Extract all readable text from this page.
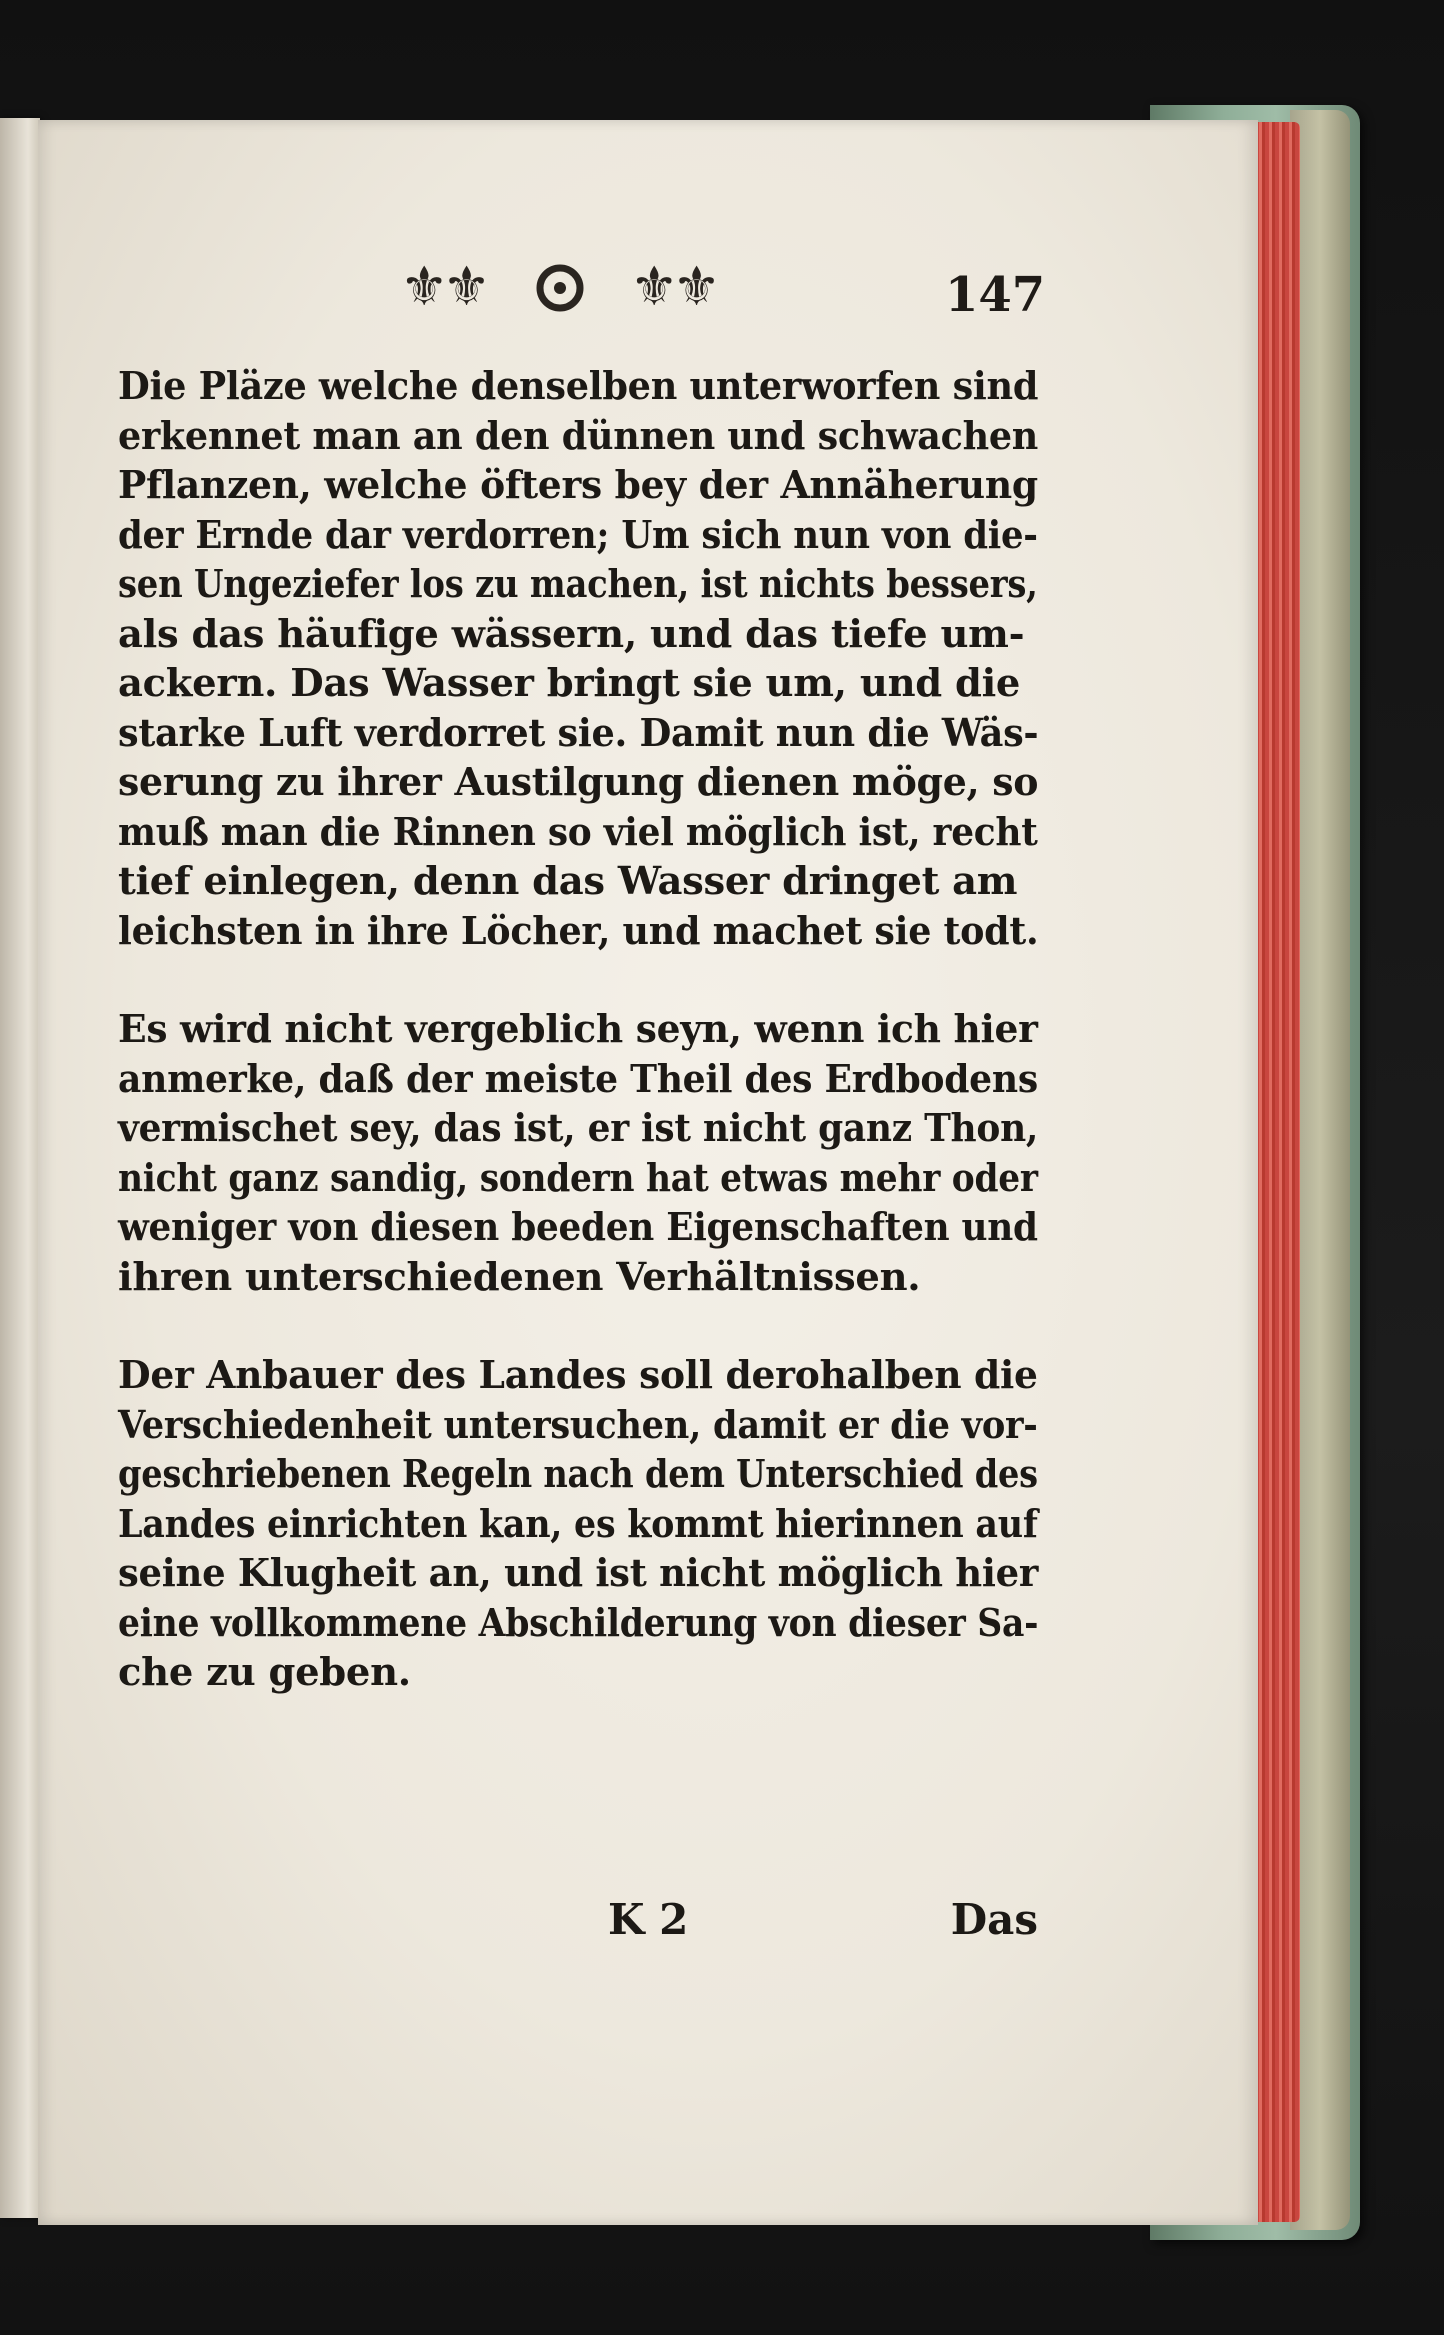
⚜⚜	⚜⚜	147

Die Pläze welche denselben unterworfen sind
erkennet man an den dünnen und schwachen
Pflanzen, welche öfters bey der Annäherung
der Ernde dar verdorren; Um sich nun von die-
sen Ungeziefer los zu machen, ist nichts bessers,
als das häufige wässern, und das tiefe um-
ackern. Das Wasser bringt sie um, und die
starke Luft verdorret sie. Damit nun die Wäs-
serung zu ihrer Austilgung dienen möge, so
muß man die Rinnen so viel möglich ist, recht
tief einlegen, denn das Wasser dringet am
leichsten in ihre Löcher, und machet sie todt.

Es wird nicht vergeblich seyn, wenn ich hier
anmerke, daß der meiste Theil des Erdbodens
vermischet sey, das ist, er ist nicht ganz Thon,
nicht ganz sandig, sondern hat etwas mehr oder
weniger von diesen beeden Eigenschaften und
ihren unterschiedenen Verhältnissen.

Der Anbauer des Landes soll derohalben die
Verschiedenheit untersuchen, damit er die vor-
geschriebenen Regeln nach dem Unterschied des
Landes einrichten kan, es kommt hierinnen auf
seine Klugheit an, und ist nicht möglich hier
eine vollkommene Abschilderung von dieser Sa-
che zu geben.

K 2	Das
